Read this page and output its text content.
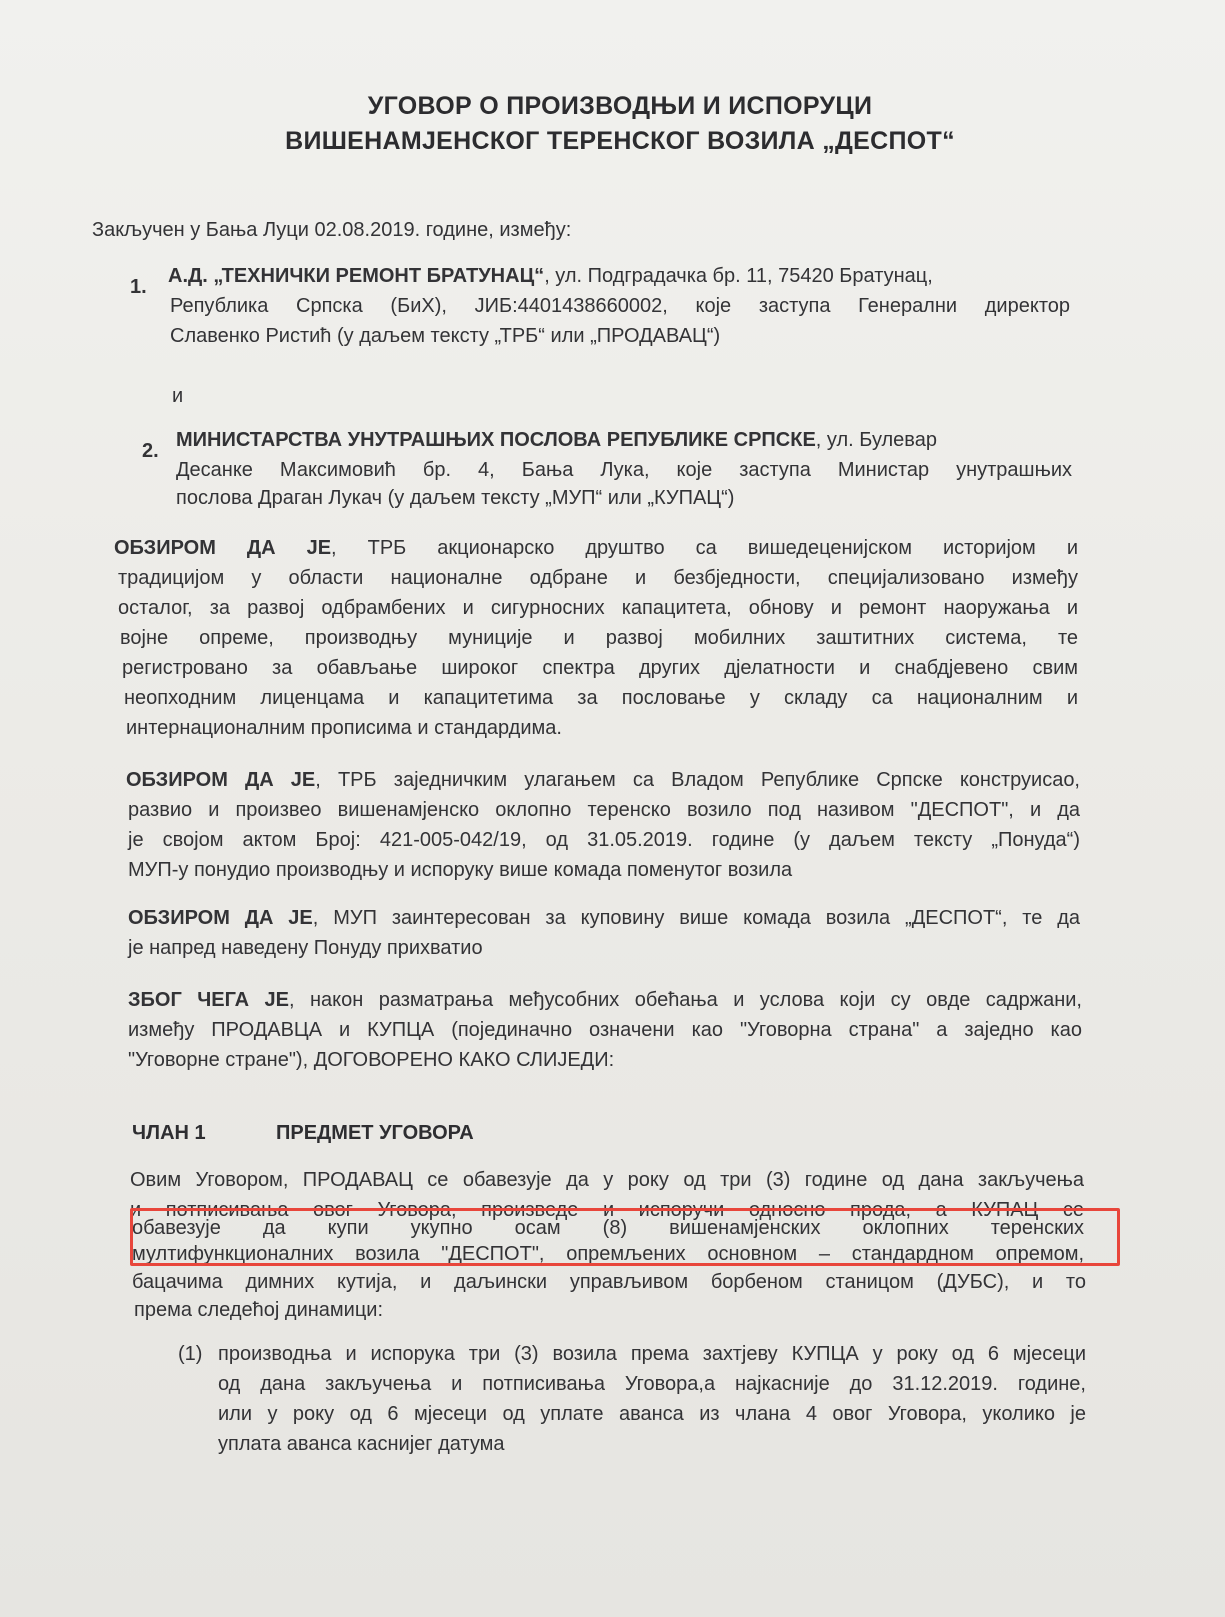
УГОВОР О ПРОИЗВОДЊИ И ИСПОРУЦИ
ВИШЕНАМЈЕНСКОГ ТЕРЕНСКОГ ВОЗИЛА „ДЕСПОТ“
Закључен у Бања Луци 02.08.2019. године, између:
1. А.Д. „ТЕХНИЧКИ РЕМОНТ БРАТУНАЦ“, ул. Подградачка бр. 11, 75420 Братунац,
Република Српска (БиХ), ЈИБ:4401438660002, које заступа Генерални директор
Славенко Ристић (у даљем тексту „ТРБ“ или „ПРОДАВАЦ“)
и
2. МИНИСТАРСТВА УНУТРАШЊИХ ПОСЛОВА РЕПУБЛИКЕ СРПСКЕ, ул. Булевар
Десанке Максимовић бр. 4, Бања Лука, које заступа Министар унутрашњих
послова Драган Лукач (у даљем тексту „МУП“ или „КУПАЦ“)
ОБЗИРОМ ДА ЈЕ, ТРБ акционарско друштво са вишедеценијском историјом и
традицијом у области националне одбране и безбједности, специјализовано између
осталог, за развој одбрамбених и сигурносних капацитета, обнову и ремонт наоружања и
војне опреме, производњу муниције и развој мобилних заштитних система, те
регистровано за обављање широког спектра других дјелатности и снабдјевено свим
неопходним лиценцама и капацитетима за пословање у складу са националним и
интернационалним прописима и стандардима.
ОБЗИРОМ ДА ЈЕ, ТРБ заједничким улагањем са Владом Републике Српске конструисао,
развио и произвео вишенамјенско оклопно теренско возило под називом "ДЕСПОТ", и да
је својом актом Број: 421-005-042/19, од 31.05.2019. године (у даљем тексту „Понуда“)
МУП-у понудио производњу и испоруку више комада поменутог возила
ОБЗИРОМ ДА ЈЕ, МУП заинтересован за куповину више комада возила „ДЕСПОТ“, те да
је напред наведену Понуду прихватио
ЗБОГ ЧЕГА ЈЕ, након разматрања међусобних обећања и услова који су овде садржани,
између ПРОДАВЦА и КУПЦА (појединачно означени као "Уговорна страна" а заједно као
"Уговорне стране"), ДОГОВОРЕНО КАКО СЛИЈЕДИ:
ЧЛАН 1	ПРЕДМЕТ УГОВОРА
Овим Уговором, ПРОДАВАЦ се обавезује да у року од три (3) године од дана закључења
и потписивања овог Уговора, произведе и испоручи односно прода, а КУПАЦ се
обавезује да купи укупно осам (8) вишенамјенских оклопних теренских
мултифункционалних возила "ДЕСПОТ", опремљених основном – стандардном опремом,
бацачима димних кутија, и даљински управљивом борбеном станицом (ДУБС), и то
према следећој динамици:
(1) производња и испорука три (3) возила према захтјеву КУПЦА у року од 6 мјесеци
од дана закључења и потписивања Уговора,а најкасније до 31.12.2019. године,
или у року од 6 мјесеци од уплате аванса из члана 4 овог Уговора, уколико је
уплата аванса каснијег датума
